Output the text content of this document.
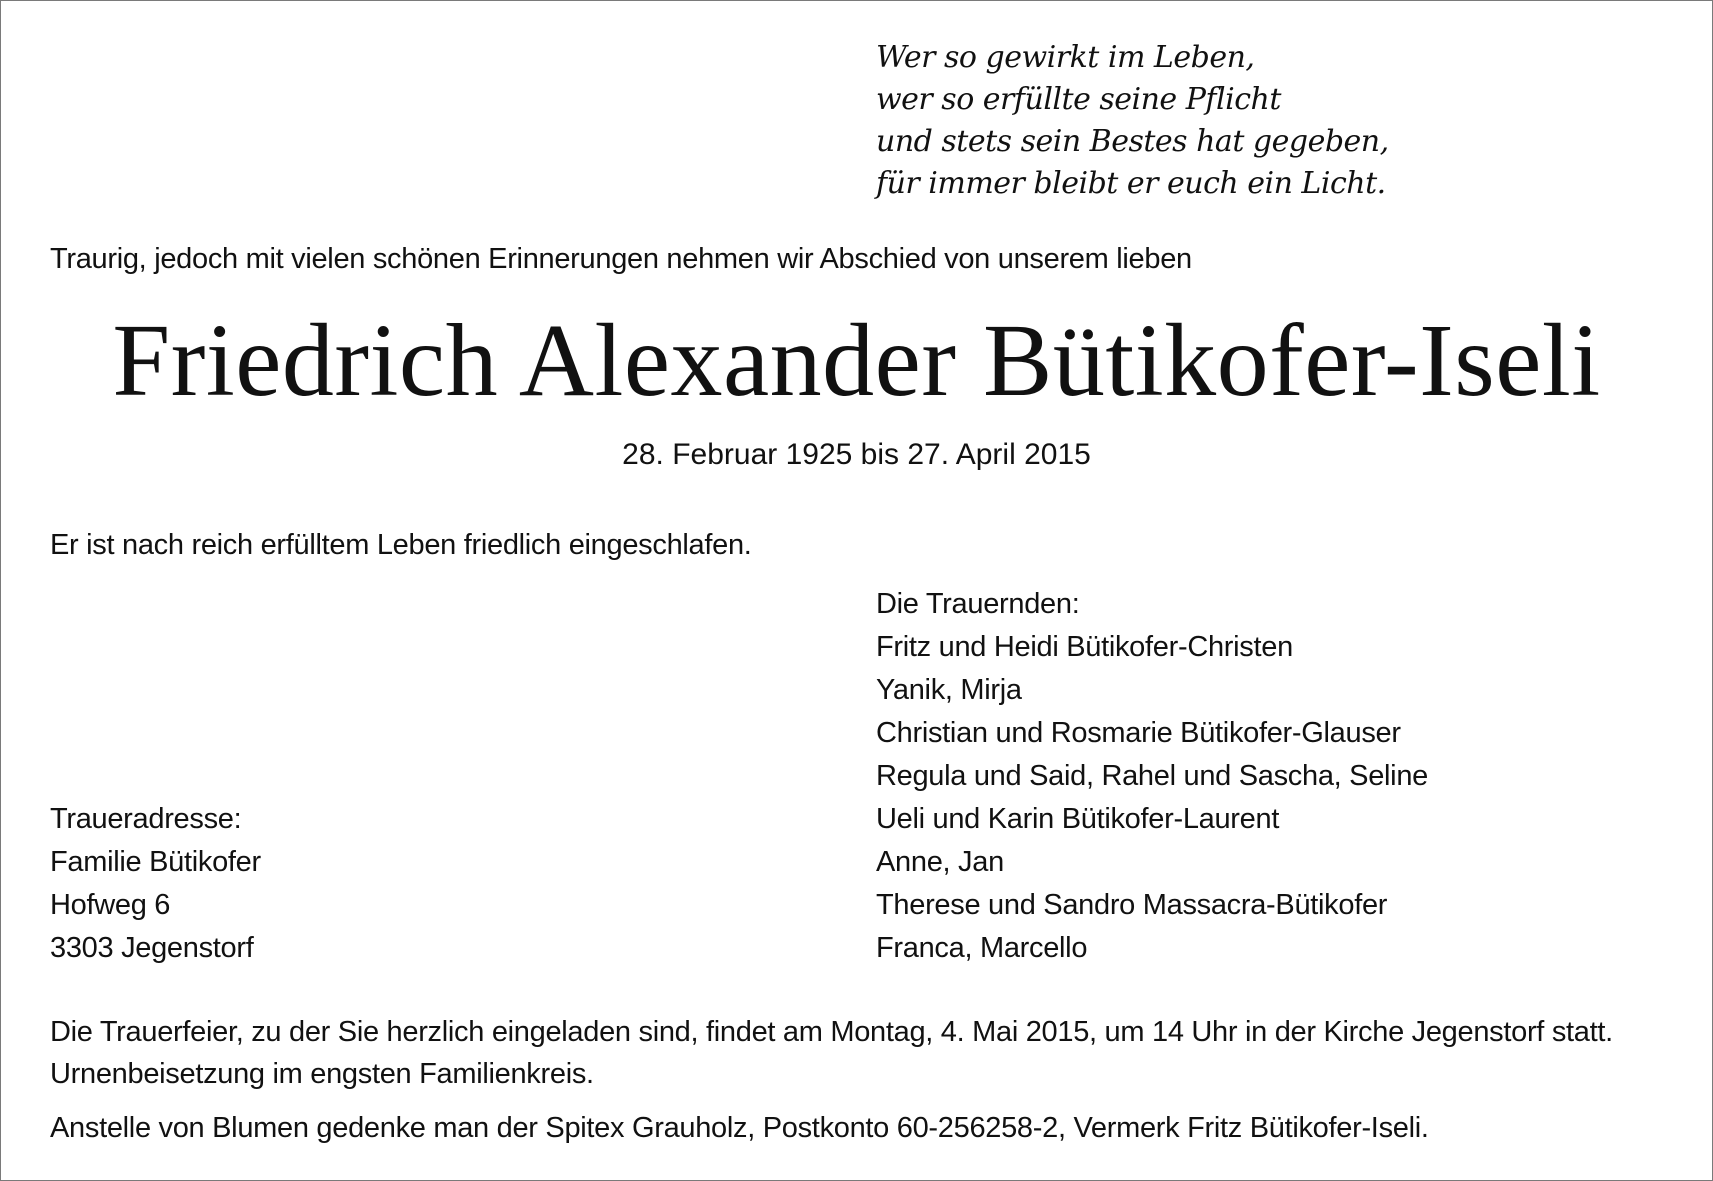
Wer so gewirkt im Leben,
wer so erfüllte seine Pflicht
und stets sein Bestes hat gegeben,
für immer bleibt er euch ein Licht.
Traurig, jedoch mit vielen schönen Erinnerungen nehmen wir Abschied von unserem lieben
Friedrich Alexander Bütikofer-Iseli
28. Februar 1925 bis 27. April 2015
Er ist nach reich erfülltem Leben friedlich eingeschlafen.
Die Trauernden:
Fritz und Heidi Bütikofer-Christen
Yanik, Mirja
Christian und Rosmarie Bütikofer-Glauser
Regula und Said, Rahel und Sascha, Seline
Ueli und Karin Bütikofer-Laurent
Anne, Jan
Therese und Sandro Massacra-Bütikofer
Franca, Marcello
Traueradresse:
Familie Bütikofer
Hofweg 6
3303 Jegenstorf
Die Trauerfeier, zu der Sie herzlich eingeladen sind, findet am Montag, 4. Mai 2015, um 14 Uhr in der Kirche Jegenstorf statt. Urnenbeisetzung im engsten Familienkreis.
Anstelle von Blumen gedenke man der Spitex Grauholz, Postkonto 60-256258-2, Vermerk Fritz Bütikofer-Iseli.
